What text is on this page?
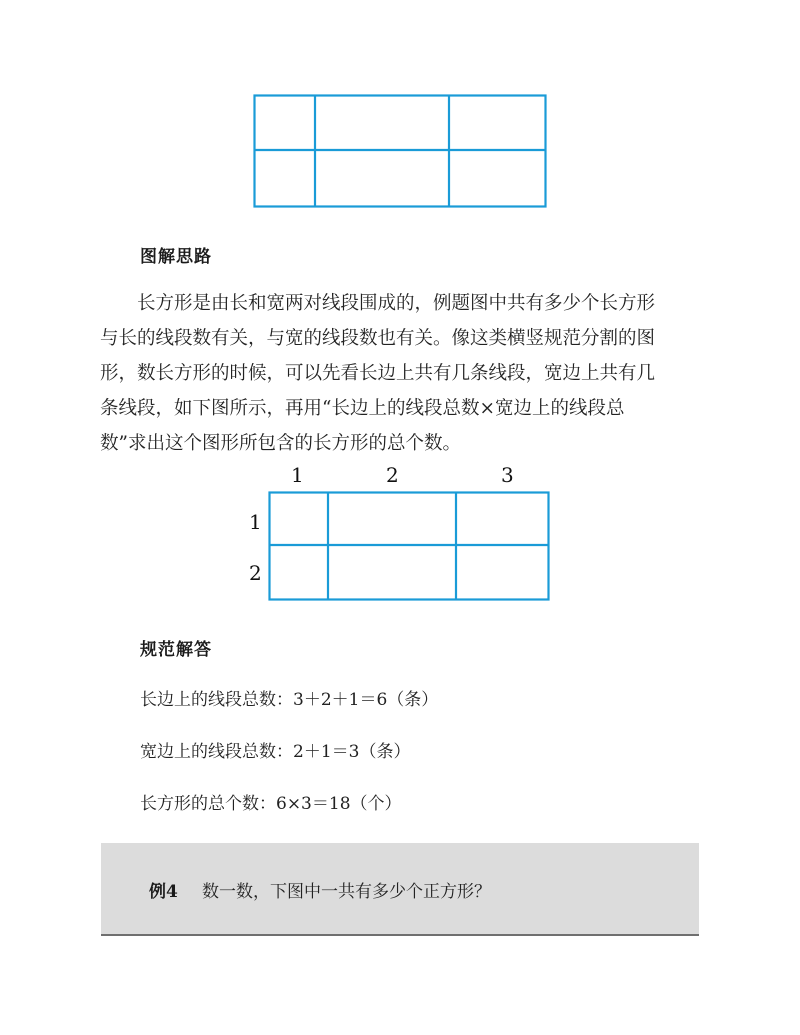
图解思路
长方形是由长和宽两对线段围成的，例题图中共有多少个长方形
与长的线段数有关，与宽的线段数也有关。像这类横竖规范分割的图
形，数长方形的时候，可以先看长边上共有几条线段，宽边上共有几
条线段，如下图所示，再用“长边上的线段总数×宽边上的线段总
数”求出这个图形所包含的长方形的总个数。
1	2	3
1
2
规范解答
长边上的线段总数：3＋2＋1＝6（条）
宽边上的线段总数：2＋1＝3（条）
长方形的总个数：6×3＝18（个）
例4 数一数，下图中一共有多少个正方形？
